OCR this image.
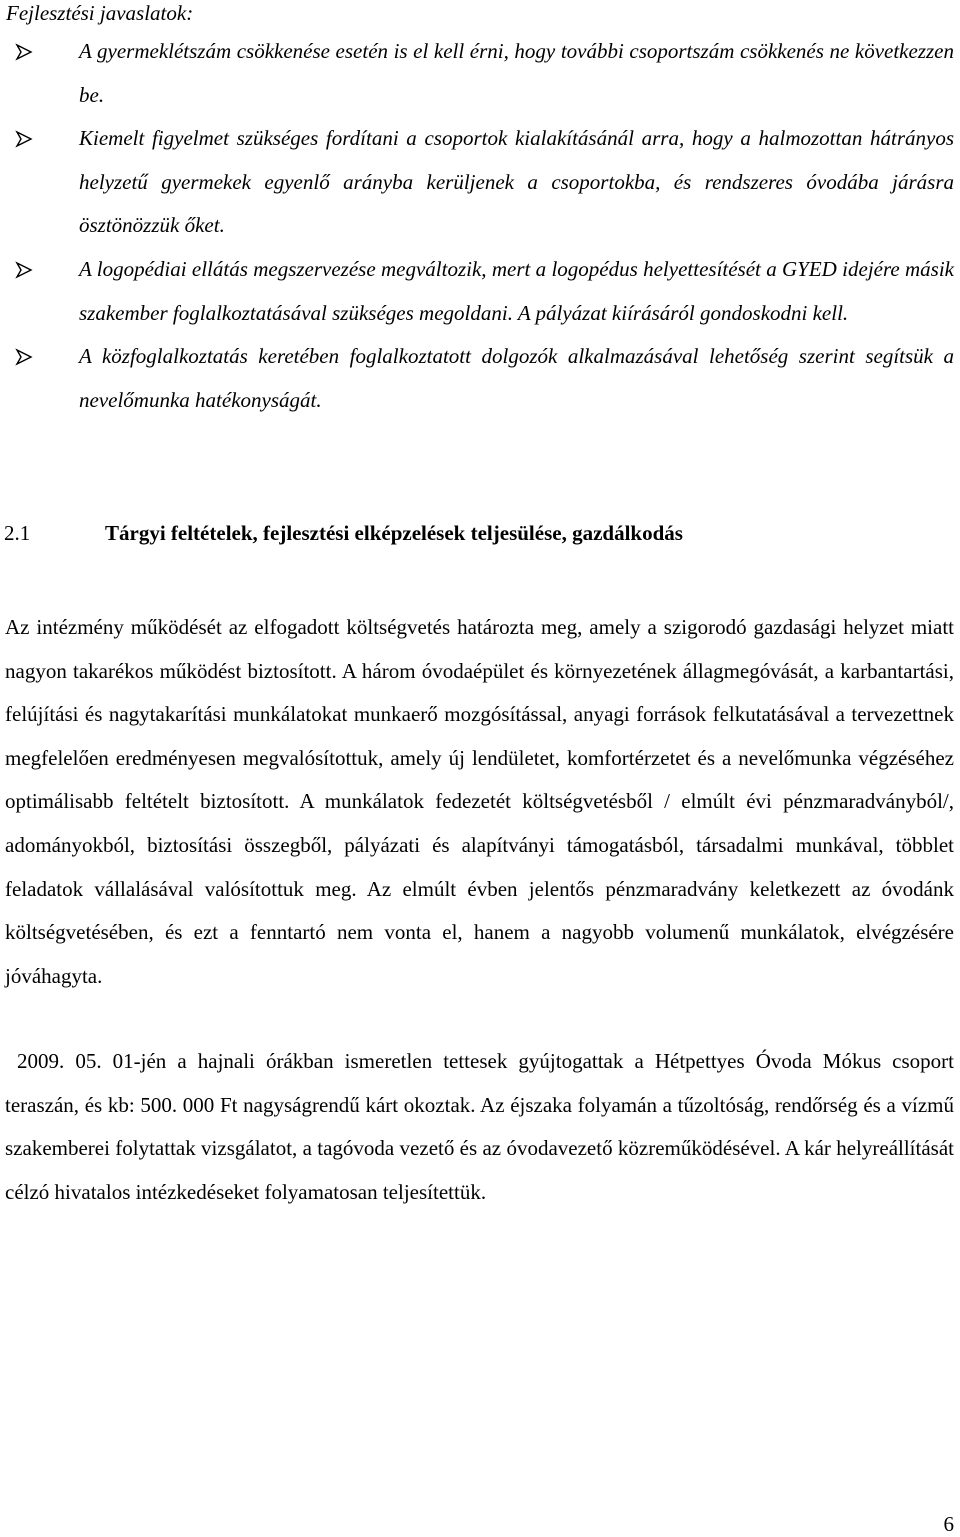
Fejlesztési javaslatok:

A gyermeklétszám csökkenése esetén is el kell érni, hogy további csoportszám csökkenés ne következzen be.
Kiemelt figyelmet szükséges fordítani a csoportok kialakításánál arra, hogy a halmozottan hátrányos helyzetű gyermekek egyenlő arányba kerüljenek a csoportokba, és rendszeres óvodába járásra ösztönözzük őket.
A logopédiai ellátás megszervezése megváltozik, mert a logopédus helyettesítését a GYED idejére másik szakember foglalkoztatásával szükséges megoldani. A pályázat kiírásáról gondoskodni kell.
A közfoglalkoztatás keretében foglalkoztatott dolgozók alkalmazásával lehetőség szerint segítsük a nevelőmunka hatékonyságát.
2.1	Tárgyi feltételek, fejlesztési elképzelések teljesülése, gazdálkodás

Az intézmény működését az elfogadott költségvetés határozta meg, amely a szigorodó gazdasági helyzet miatt nagyon takarékos működést biztosított. A három óvodaépület és környezetének állagmegóvását, a karbantartási, felújítási és nagytakarítási munkálatokat munkaerő mozgósítással, anyagi források felkutatásával a tervezettnek megfelelően eredményesen megvalósítottuk, amely új lendületet, komfortérzetet és a nevelőmunka végzéséhez optimálisabb feltételt biztosított. A munkálatok fedezetét költségvetésből / elmúlt évi pénzmaradványból/, adományokból, biztosítási összegből, pályázati és alapítványi támogatásból, társadalmi munkával, többlet feladatok vállalásával valósítottuk meg. Az elmúlt évben jelentős pénzmaradvány keletkezett az óvodánk költségvetésében, és ezt a fenntartó nem vonta el, hanem a nagyobb volumenű munkálatok, elvégzésére jóváhagyta.

2009. 05. 01-jén a hajnali órákban ismeretlen tettesek gyújtogattak a Hétpettyes Óvoda Mókus csoport teraszán, és kb: 500. 000 Ft nagyságrendű kárt okoztak. Az éjszaka folyamán a tűzoltóság, rendőrség és a vízmű szakemberei folytattak vizsgálatot, a tagóvoda vezető és az óvodavezető közreműködésével. A kár helyreállítását célzó hivatalos intézkedéseket folyamatosan teljesítettük.

6
